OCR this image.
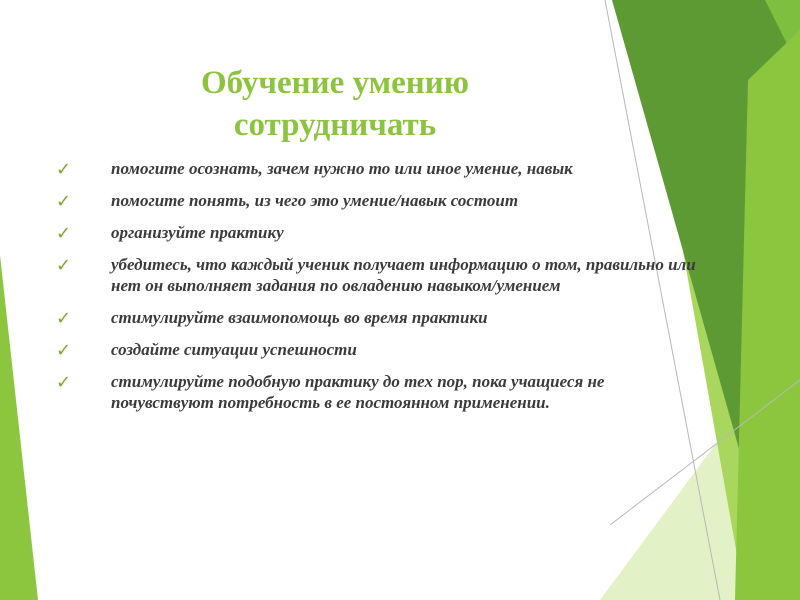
Обучение умению
сотрудничать
✓	помогите осознать, зачем нужно то или иное умение, навык
✓	помогите понять, из чего это умение/навык состоит
✓	организуйте практику
✓	убедитесь, что каждый ученик получает информацию о том, правильно или нет он выполняет задания по овладению навыком/умением
✓	стимулируйте взаимопомощь во время практики
✓	создайте ситуации успешности
✓	стимулируйте подобную практику до тех пор, пока учащиеся не почувствуют потребность в ее постоянном применении.
